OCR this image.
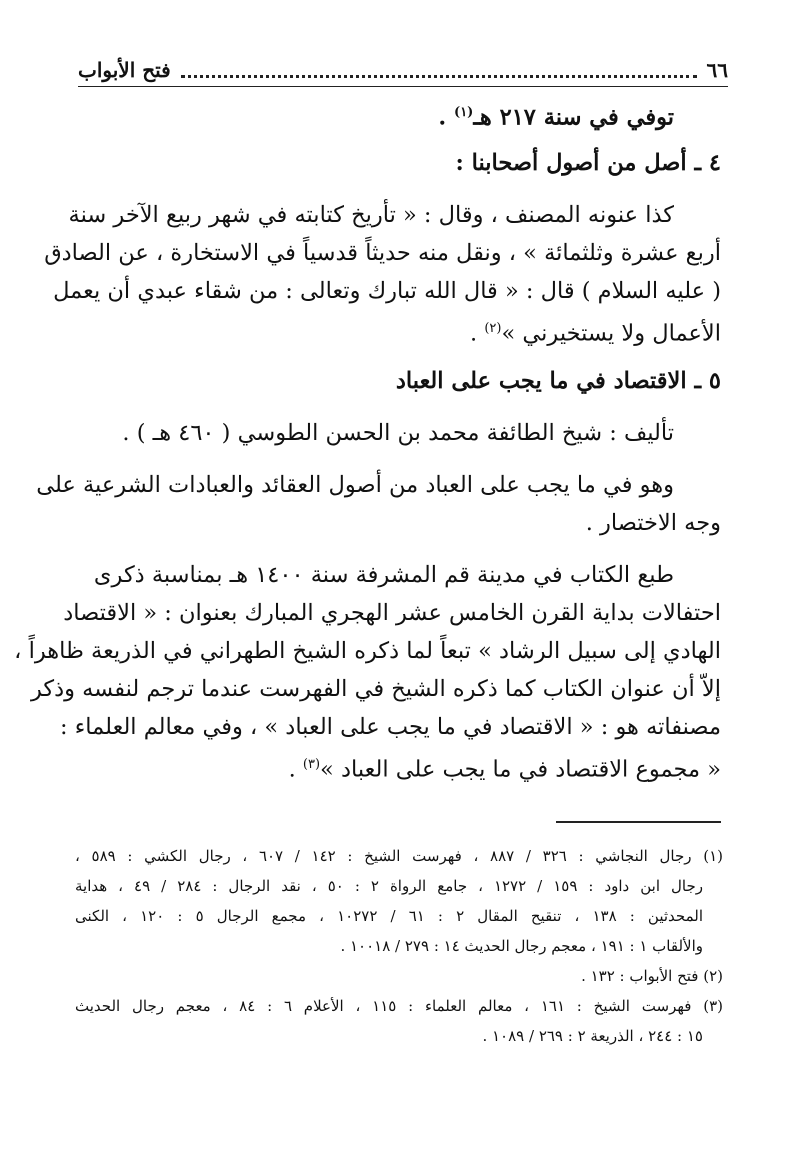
٦٦
فتح الأبواب
توفي في سنة ٢١٧ هـ$^{(١)}$ .
٤ ـ أصل من أصول أصحابنا :
كذا عنونه المصنف ، وقال : « تأريخ كتابته في شهر ربيع الآخر سنة
أربع عشرة وثلثمائة » ، ونقل منه حديثاً قدسياً في الاستخارة ، عن الصادق
( عليه السلام ) قال : « قال الله تبارك وتعالى : من شقاء عبدي أن يعمل
الأعمال ولا يستخيرني »$^{(٢)}$ .
٥ ـ الاقتصاد في ما يجب على العباد
تأليف : شيخ الطائفة محمد بن الحسن الطوسي ( ٤٦٠ هـ ) .
وهو في ما يجب على العباد من أصول العقائد والعبادات الشرعية على
وجه الاختصار .
طبع الكتاب في مدينة قم المشرفة سنة ١٤٠٠ هـ بمناسبة ذكرى
احتفالات بداية القرن الخامس عشر الهجري المبارك بعنوان : « الاقتصاد
الهادي إلى سبيل الرشاد » تبعاً لما ذكره الشيخ الطهراني في الذريعة ظاهراً ،
إلاّ أن عنوان الكتاب كما ذكره الشيخ في الفهرست عندما ترجم لنفسه وذكر
مصنفاته هو : « الاقتصاد في ما يجب على العباد » ، وفي معالم العلماء :
« مجموع الاقتصاد في ما يجب على العباد »$^{(٣)}$ .
(١) رجال النجاشي : ٣٢٦ / ٨٨٧ ، فهرست الشيخ : ١٤٢ / ٦٠٧ ، رجال الكشي : ٥٨٩ ،
رجال ابن داود : ١٥٩ / ١٢٧٢ ، جامع الرواة ٢ : ٥٠ ، نقد الرجال : ٢٨٤ / ٤٩ ، هداية
المحدثين : ١٣٨ ، تنقيح المقال ٢ : ٦١ / ١٠٢٧٢ ، مجمع الرجال ٥ : ١٢٠ ، الكنى
والألقاب ١ : ١٩١ ، معجم رجال الحديث ١٤ : ٢٧٩ / ١٠٠١٨ .
(٢) فتح الأبواب : ١٣٢ .
(٣) فهرست الشيخ : ١٦١ ، معالم العلماء : ١١٥ ، الأعلام ٦ : ٨٤ ، معجم رجال الحديث
١٥ : ٢٤٤ ، الذريعة ٢ : ٢٦٩ / ١٠٨٩ .
